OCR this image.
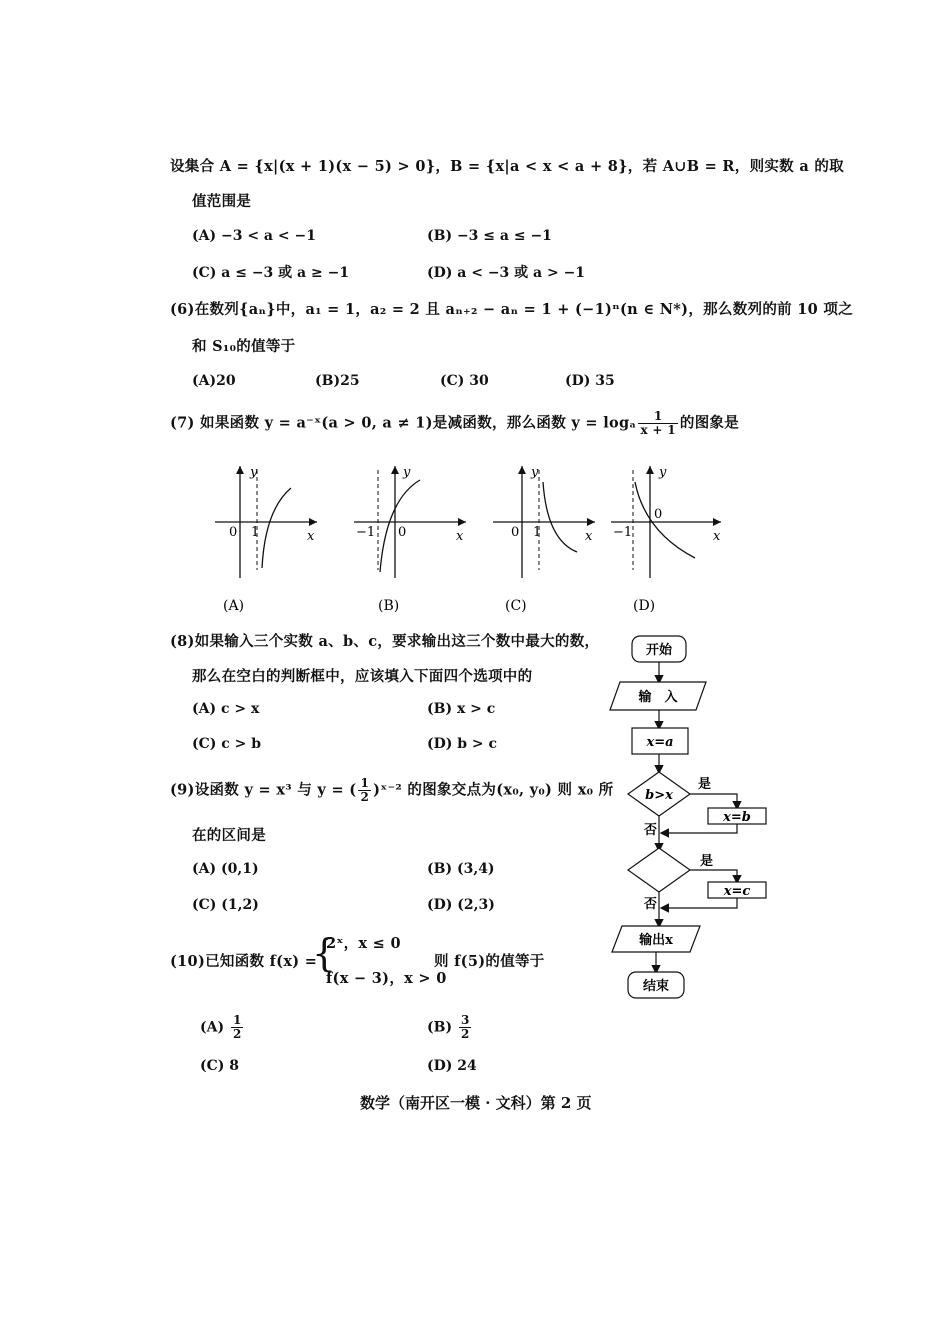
设集合 A = {x|(x + 1)(x − 5) > 0}，B = {x|a < x < a + 8}，若 A∪B = R，则实数 a 的取
值范围是
(A) −3 < a < −1	(B) −3 ≤ a ≤ −1
(C) a ≤ −3 或 a ≥ −1	(D) a < −3 或 a > −1
(6)在数列{aₙ}中，a₁ = 1，a₂ = 2 且 aₙ₊₂ − aₙ = 1 + (−1)ⁿ(n ∈ N*)，那么数列的前 10 项之
和 S₁₀的值等于
(A)20	(B)25	(C) 30	(D) 35
(7) 如果函数 y = a⁻ˣ(a > 0, a ≠ 1)是减函数，那么函数 y = logₐ $\frac{1}{x + 1}$ 的图象是
y
x
0 1
(A)
y
x
−1 0
(B)
y
x
0 1
(C)
y
x
−1
0
(D)
(8)如果输入三个实数 a、b、c，要求输出这三个数中最大的数，
那么在空白的判断框中，应该填入下面四个选项中的
(A) c > x	(B) x > c
(C) c > b	(D) b > c
开始
输　入
x=a
b>x
是
x=b
否
是
x=c
否
输出x
结束
(9)设函数 y = x³ 与 y = ( $\frac{1}{2}$ )ˣ⁻² 的图象交点为(x₀, y₀) 则 x₀ 所
在的区间是
(A) (0,1)	(B) (3,4)
(C) (1,2)	(D) (2,3)
(10)已知函数 f(x) =
{
2ˣ，x ≤ 0
f(x − 3)，x > 0
则 f(5)的值等于
$(A) \frac{1}{2}$	$(B) \frac{3}{2}$
(C) 8	(D) 24
数学（南开区一模 · 文科）第 2 页
